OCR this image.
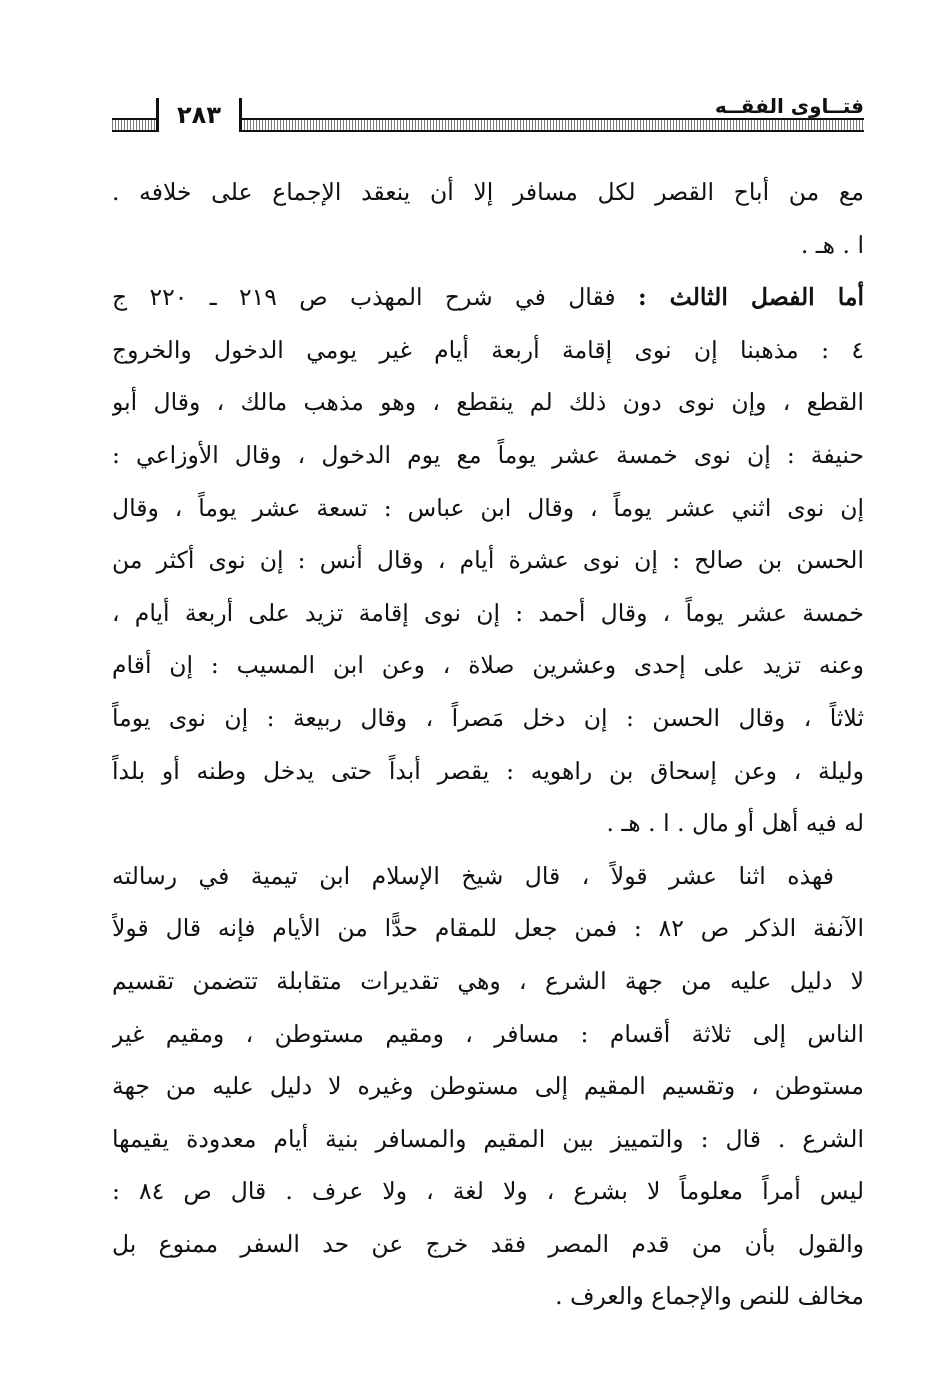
فتــاوى الفقــه
٢٨٣
مع من أباح القصر لكل مسافر إلا أن ينعقد الإجماع على خلافه .
ا . هـ .
أما الفصل الثالث : فقال في شرح المهذب ص ٢١٩ ـ ٢٢٠ ج
٤ : مذهبنا إن نوى إقامة أربعة أيام غير يومي الدخول والخروج
القطع ، وإن نوى دون ذلك لم ينقطع ، وهو مذهب مالك ، وقال أبو
حنيفة : إن نوى خمسة عشر يوماً مع يوم الدخول ، وقال الأوزاعي :
إن نوى اثني عشر يوماً ، وقال ابن عباس : تسعة عشر يوماً ، وقال
الحسن بن صالح : إن نوى عشرة أيام ، وقال أنس : إن نوى أكثر من
خمسة عشر يوماً ، وقال أحمد : إن نوى إقامة تزيد على أربعة أيام ،
وعنه تزيد على إحدى وعشرين صلاة ، وعن ابن المسيب : إن أقام
ثلاثاً ، وقال الحسن : إن دخل مَصراً ، وقال ربيعة : إن نوى يوماً
وليلة ، وعن إسحاق بن راهويه : يقصر أبداً حتى يدخل وطنه أو بلداً
له فيه أهل أو مال . ا . هـ .
فهذه اثنا عشر قولاً ، قال شيخ الإسلام ابن تيمية في رسالته
الآنفة الذكر ص ٨٢ : فمن جعل للمقام حدًّا من الأيام فإنه قال قولاً
لا دليل عليه من جهة الشرع ، وهي تقديرات متقابلة تتضمن تقسيم
الناس إلى ثلاثة أقسام : مسافر ، ومقيم مستوطن ، ومقيم غير
مستوطن ، وتقسيم المقيم إلى مستوطن وغيره لا دليل عليه من جهة
الشرع . قال : والتمييز بين المقيم والمسافر بنية أيام معدودة يقيمها
ليس أمراً معلوماً لا بشرع ، ولا لغة ، ولا عرف . قال ص ٨٤ :
والقول بأن من قدم المصر فقد خرج عن حد السفر ممنوع بل
مخالف للنص والإجماع والعرف .
